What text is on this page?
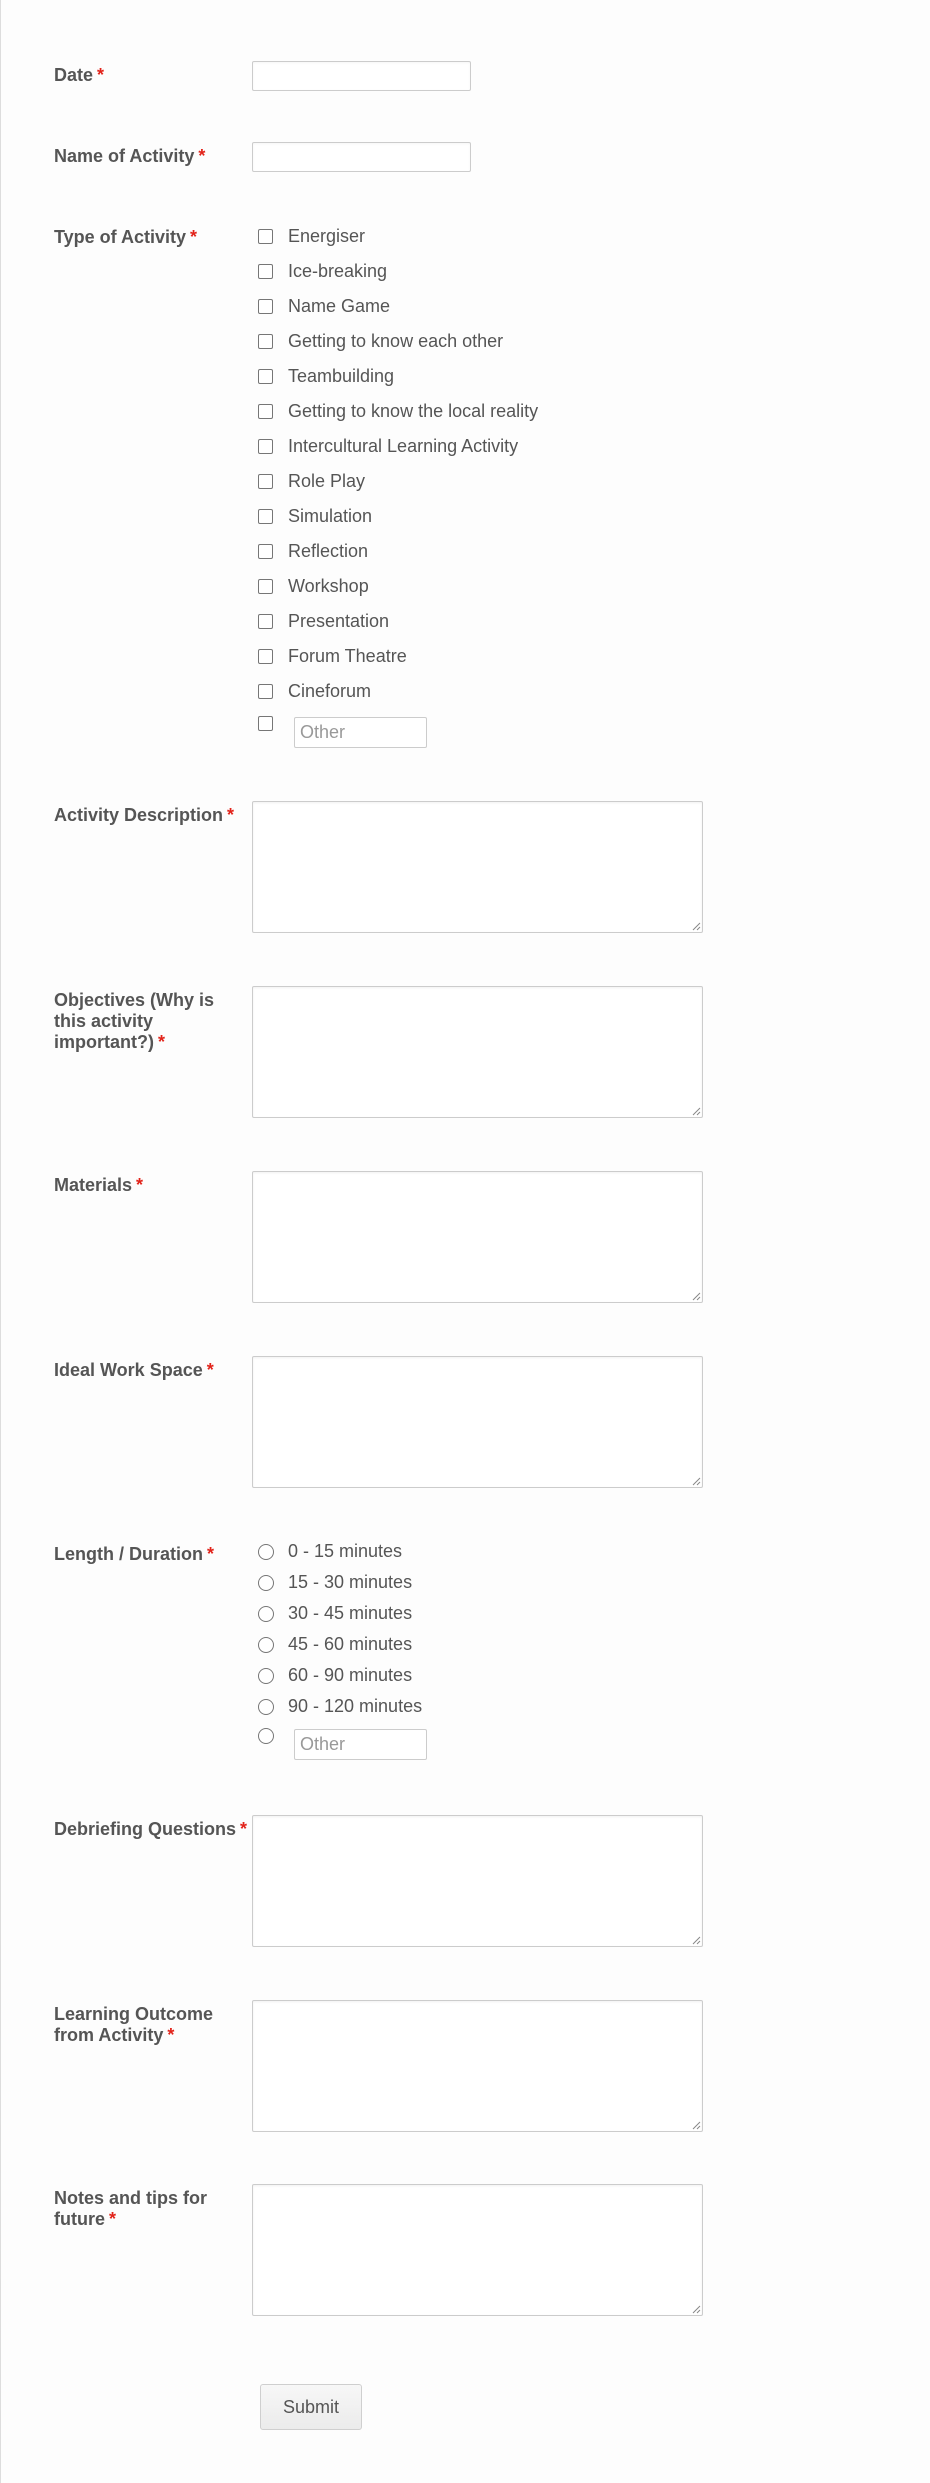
Date *
Name of Activity *
Type of Activity *	Energiser
Ice-breaking
Name Game
Getting to know each other
Teambuilding
Getting to know the local reality
Intercultural Learning Activity
Role Play
Simulation
Reflection
Workshop
Presentation
Forum Theatre
Cineforum
Other
Activity Description *
Objectives (Why is this activity important?) *
Materials *
Ideal Work Space *
Length / Duration *	0 - 15 minutes
15 - 30 minutes
30 - 45 minutes
45 - 60 minutes
60 - 90 minutes
90 - 120 minutes
Other
Debriefing Questions *
Learning Outcome from Activity *
Notes and tips for future *
Submit
